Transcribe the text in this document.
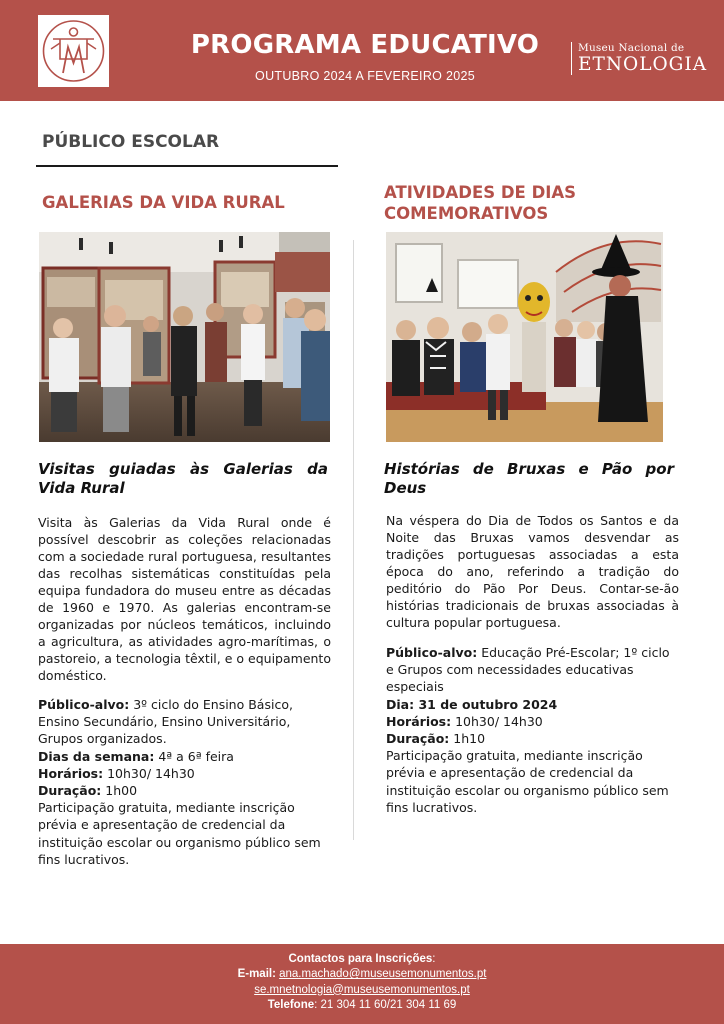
PROGRAMA EDUCATIVO
OUTUBRO 2024 A FEVEREIRO 2025
Museu Nacional de
ETNOLOGIA
PÚBLICO ESCOLAR
GALERIAS DA VIDA RURAL
Visitas guiadas às Galerias da Vida Rural
Visita às Galerias da Vida Rural onde é possível descobrir as coleções relacionadas com a sociedade rural portuguesa, resultantes das recolhas sistemáticas constituídas pela equipa fundadora do museu entre as décadas de 1960 e 1970. As galerias encontram-se organizadas por núcleos temáticos, incluindo a agricultura, as atividades agro-marítimas, o pastoreio, a tecnologia têxtil, e o equipamento doméstico.

Público-alvo: 3º ciclo do Ensino Básico, Ensino Secundário, Ensino Universitário, Grupos organizados.

Dias da semana: 4ª a 6ª feira

Horários: 10h30/ 14h30

Duração: 1h00

Participação gratuita, mediante inscrição prévia e apresentação de credencial da instituição escolar ou organismo público sem fins lucrativos.

ATIVIDADES DE DIAS
COMEMORATIVOS
Histórias de Bruxas e Pão por Deus
Na véspera do Dia de Todos os Santos e da Noite das Bruxas vamos desvendar as tradições portuguesas associadas a esta época do ano, referindo a tradição do peditório do Pão Por Deus. Contar-se-ão histórias tradicionais de bruxas associadas à cultura popular portuguesa.

Público-alvo: Educação Pré-Escolar; 1º ciclo e Grupos com necessidades educativas especiais

Dia: 31 de outubro 2024

Horários: 10h30/ 14h30

Duração: 1h10

Participação gratuita, mediante inscrição prévia e apresentação de credencial da instituição escolar ou organismo público sem fins lucrativos.

Contactos para Inscrições:
E-mail: ana.machado@museusemonumentos.pt
se.mnetnologia@museusemonumentos.pt
Telefone: 21 304 11 60/21 304 11 69
